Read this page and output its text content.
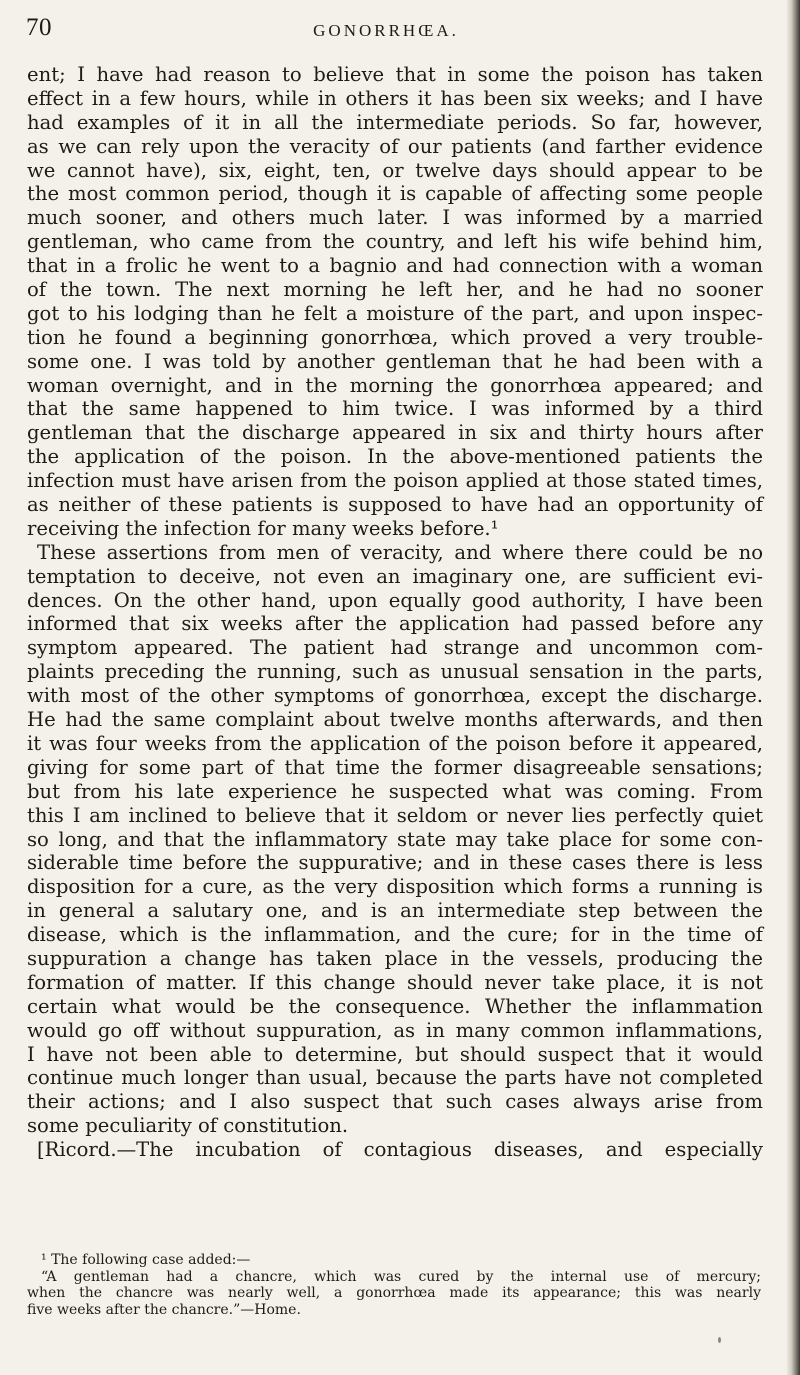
70	GONORRHŒA.
ent; I have had reason to believe that in some the poison has taken
effect in a few hours, while in others it has been six weeks; and I have
had examples of it in all the intermediate periods. So far, however,
as we can rely upon the veracity of our patients (and farther evidence
we cannot have), six, eight, ten, or twelve days should appear to be
the most common period, though it is capable of affecting some people
much sooner, and others much later. I was informed by a married
gentleman, who came from the country, and left his wife behind him,
that in a frolic he went to a bagnio and had connection with a woman
of the town. The next morning he left her, and he had no sooner
got to his lodging than he felt a moisture of the part, and upon inspec-
tion he found a beginning gonorrhœa, which proved a very trouble-
some one. I was told by another gentleman that he had been with a
woman overnight, and in the morning the gonorrhœa appeared; and
that the same happened to him twice. I was informed by a third
gentleman that the discharge appeared in six and thirty hours after
the application of the poison. In the above-mentioned patients the
infection must have arisen from the poison applied at those stated times,
as neither of these patients is supposed to have had an opportunity of
receiving the infection for many weeks before.¹
These assertions from men of veracity, and where there could be no
temptation to deceive, not even an imaginary one, are sufficient evi-
dences. On the other hand, upon equally good authority, I have been
informed that six weeks after the application had passed before any
symptom appeared. The patient had strange and uncommon com-
plaints preceding the running, such as unusual sensation in the parts,
with most of the other symptoms of gonorrhœa, except the discharge.
He had the same complaint about twelve months afterwards, and then
it was four weeks from the application of the poison before it appeared,
giving for some part of that time the former disagreeable sensations;
but from his late experience he suspected what was coming. From
this I am inclined to believe that it seldom or never lies perfectly quiet
so long, and that the inflammatory state may take place for some con-
siderable time before the suppurative; and in these cases there is less
disposition for a cure, as the very disposition which forms a running is
in general a salutary one, and is an intermediate step between the
disease, which is the inflammation, and the cure; for in the time of
suppuration a change has taken place in the vessels, producing the
formation of matter. If this change should never take place, it is not
certain what would be the consequence. Whether the inflammation
would go off without suppuration, as in many common inflammations,
I have not been able to determine, but should suspect that it would
continue much longer than usual, because the parts have not completed
their actions; and I also suspect that such cases always arise from
some peculiarity of constitution.
[Ricord.—The incubation of contagious diseases, and especially
¹ The following case added:—
“A gentleman had a chancre, which was cured by the internal use of mercury;
when the chancre was nearly well, a gonorrhœa made its appearance; this was nearly
five weeks after the chancre.”—Home.
